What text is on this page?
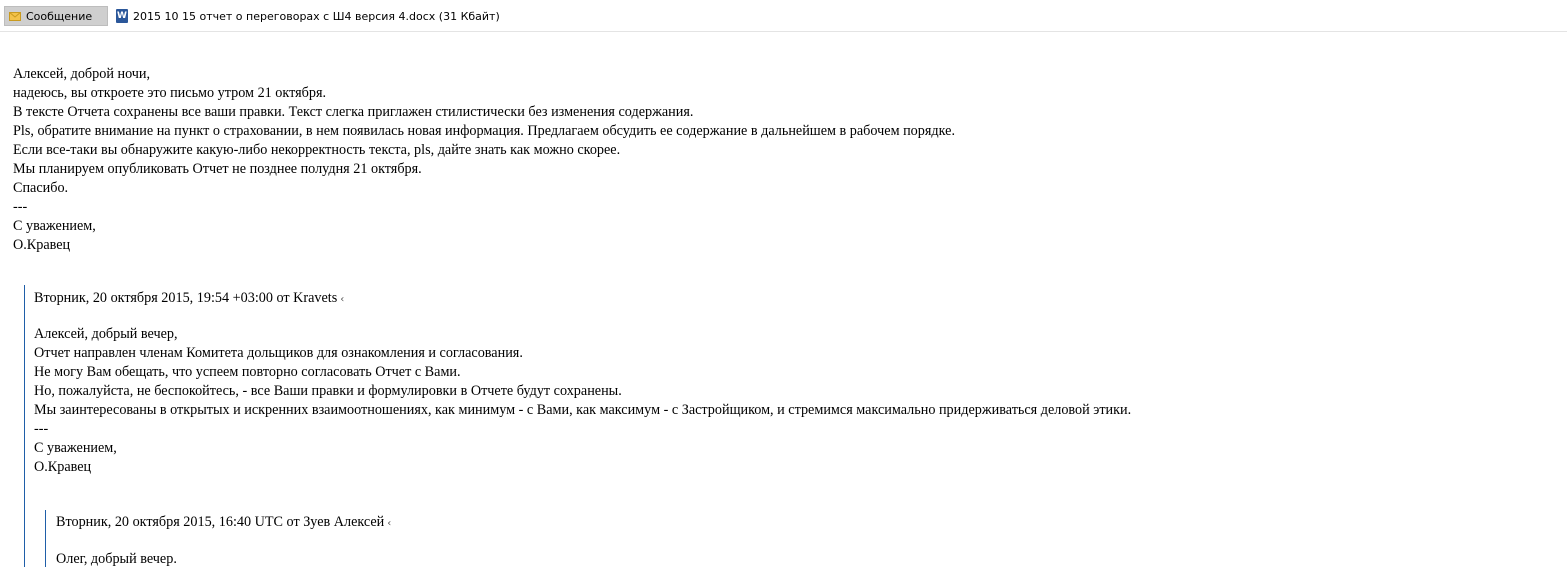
Сообщение	W 2015 10 15 отчет о переговорах с Ш4 версия 4.docx (31 Кбайт)

Алексей, доброй ночи,

надеюсь, вы откроете это письмо утром 21 октября.

В тексте Отчета сохранены все ваши правки. Текст слегка приглажен стилистически без изменения содержания.

Pls, обратите внимание на пункт о страховании, в нем появилась новая информация. Предлагаем обсудить ее содержание в дальнейшем в рабочем порядке.

Если все-таки вы обнаружите какую-либо некорректность текста, pls, дайте знать как можно скорее.

Мы планируем опубликовать Отчет не позднее полудня 21 октября.

Спасибо.

---

С уважением,

О.Кравец

Вторник, 20 октября 2015, 19:54 +03:00 от Kravets ‹

Алексей, добрый вечер,

Отчет направлен членам Комитета дольщиков для ознакомления и согласования.

Не могу Вам обещать, что успеем повторно согласовать Отчет с Вами.

Но, пожалуйста, не беспокойтесь, - все Ваши правки и формулировки в Отчете будут сохранены.

Мы заинтересованы в открытых и искренних взаимоотношениях, как минимум - с Вами, как максимум - с Застройщиком, и стремимся максимально придерживаться деловой этики.

---

С уважением,

О.Кравец

Вторник, 20 октября 2015, 16:40 UTC от Зуев Алексей ‹

Олег, добрый вечер.
